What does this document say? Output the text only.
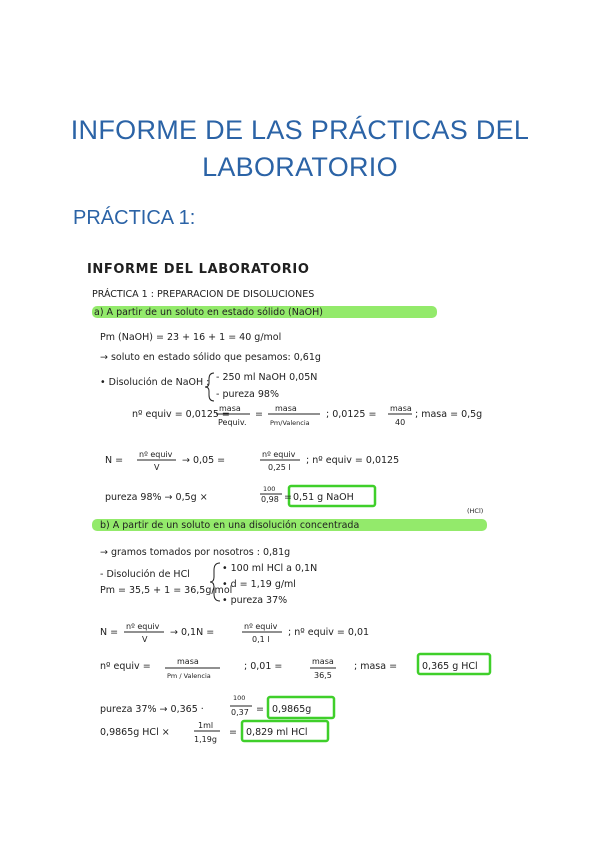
INFORME DE LAS PRÁCTICAS DEL
LABORATORIO
PRÁCTICA 1:
INFORME DEL LABORATORIO
PRÁCTICA 1 : PREPARACION DE DISOLUCIONES
a) A partir de un soluto en estado sólido (NaOH)
Pm (NaOH) = 23 + 16 + 1 = 40 g/mol
→ soluto en estado sólido que pesamos: 0,61g
• Disolución de NaOH : - 250 ml NaOH 0,05N
- pureza 98%
nº equiv = 0,0125 =
masa
Pequiv.
=
masa
Pm/Valencia
; 0,0125 =
masa
40
; masa = 0,5g
N =
nº equiv
V
→ 0,05 =
nº equiv
0,25 l
; nº equiv = 0,0125
pureza 98% → 0,5g ×
100
0,98 = 0,51 g NaOH
(HCl)
b) A partir de un soluto en una disolución concentrada
→ gramos tomados por nosotros : 0,81g
- Disolución de HCl
• 100 ml HCl a 0,1N
• d = 1,19 g/ml
• pureza 37%
Pm = 35,5 + 1 = 36,5g/mol
N =
nº equiv
V
→ 0,1N =
nº equiv
0,1 l
; nº equiv = 0,01
nº equiv =	masa
Pm / Valencia
; 0,01 =	masa
36,5
; masa =	0,365 g HCl
pureza 37% → 0,365 ·
100
0,37 = 0,9865g
0,9865g HCl ×
1ml
1,19g
= 0,829 ml HCl
